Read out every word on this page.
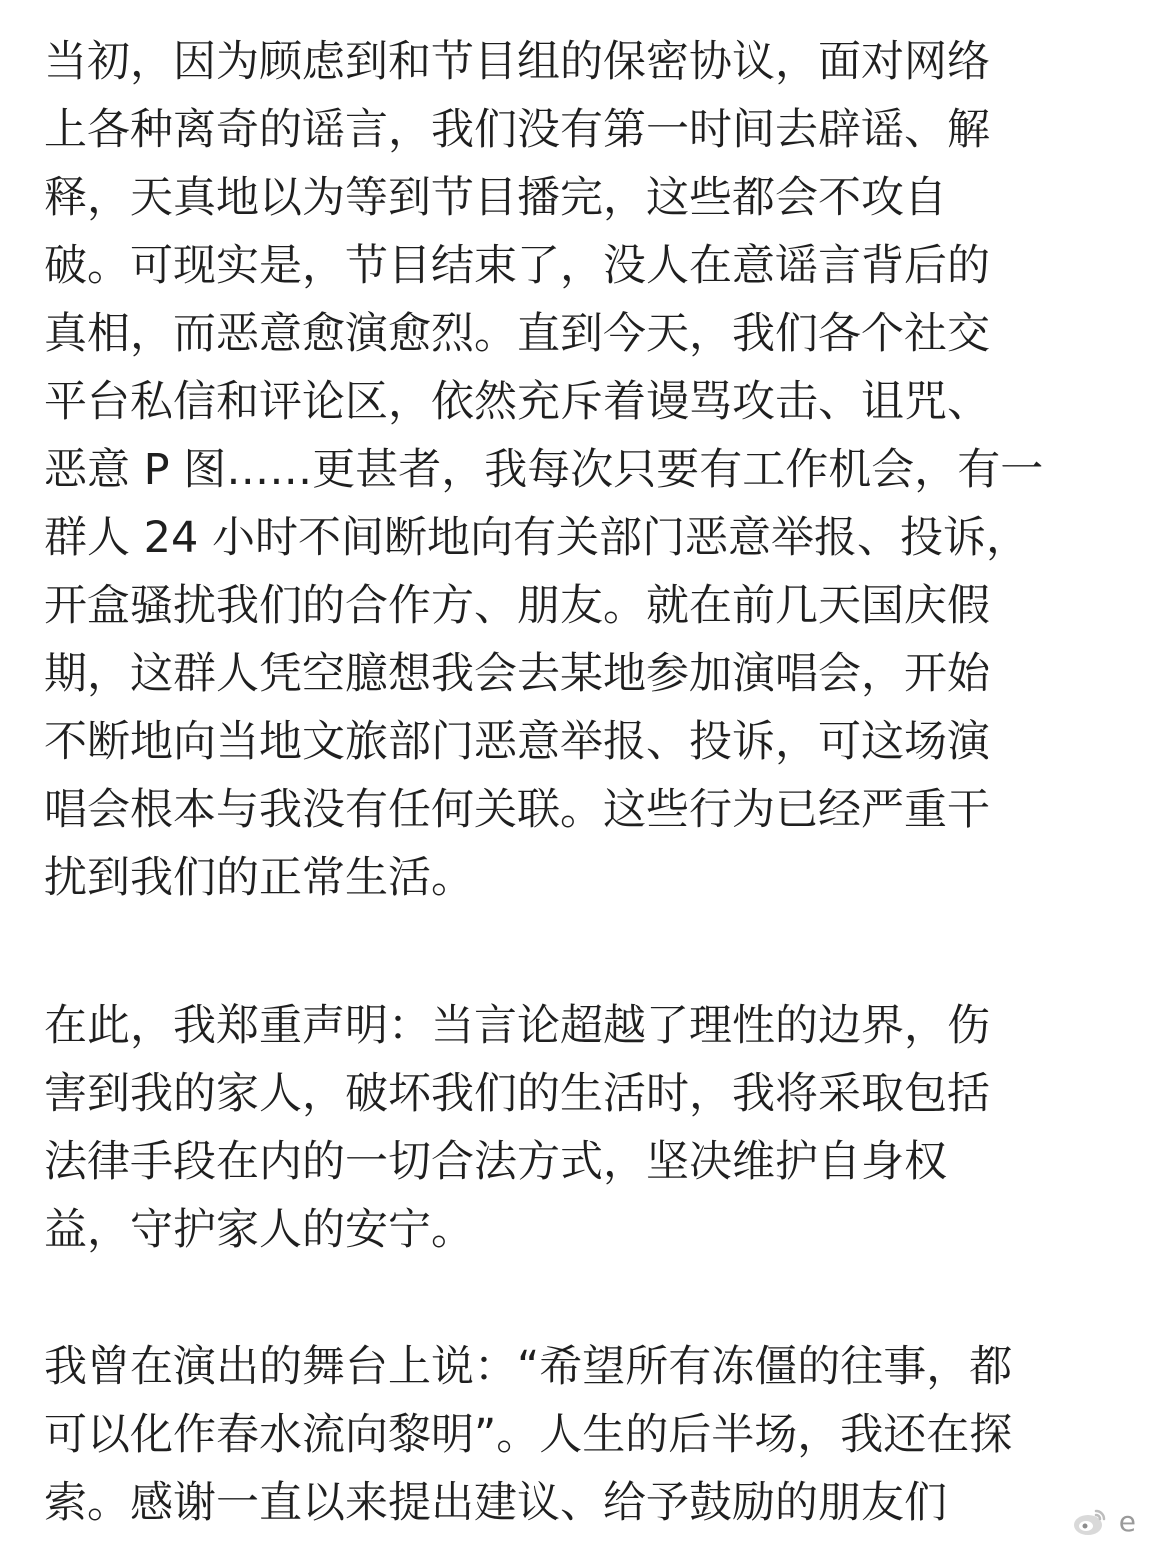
当初，因为顾虑到和节目组的保密协议，面对网络
上各种离奇的谣言，我们没有第一时间去辟谣、解
释，天真地以为等到节目播完，这些都会不攻自
破。可现实是，节目结束了，没人在意谣言背后的
真相，而恶意愈演愈烈。直到今天，我们各个社交
平台私信和评论区，依然充斥着谩骂攻击、诅咒、
恶意 P 图……更甚者，我每次只要有工作机会，有一
群人 24 小时不间断地向有关部门恶意举报、投诉，
开盒骚扰我们的合作方、朋友。就在前几天国庆假
期，这群人凭空臆想我会去某地参加演唱会，开始
不断地向当地文旅部门恶意举报、投诉，可这场演
唱会根本与我没有任何关联。这些行为已经严重干
扰到我们的正常生活。
在此，我郑重声明：当言论超越了理性的边界，伤
害到我的家人，破坏我们的生活时，我将采取包括
法律手段在内的一切合法方式，坚决维护自身权
益，守护家人的安宁。
我曾在演出的舞台上说：“希望所有冻僵的往事，都
可以化作春水流向黎明”。人生的后半场，我还在探
索。感谢一直以来提出建议、给予鼓励的朋友们	e
